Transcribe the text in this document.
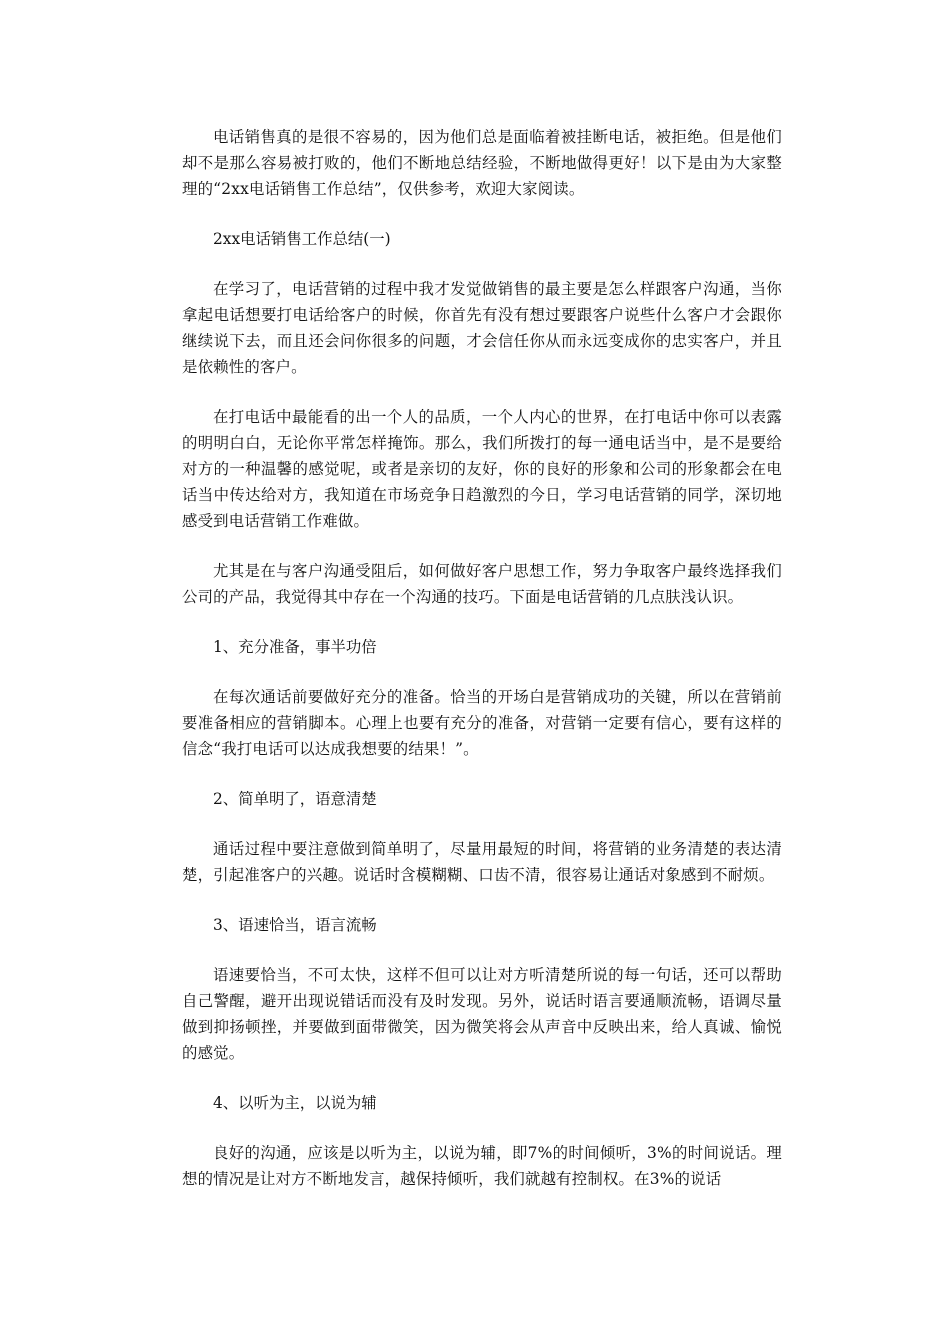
电话销售真的是很不容易的，因为他们总是面临着被挂断电话，被拒绝。但是他们却不是那么容易被打败的，他们不断地总结经验，不断地做得更好！以下是由为大家整理的“2xx电话销售工作总结”，仅供参考，欢迎大家阅读。

2xx电话销售工作总结(一)

在学习了，电话营销的过程中我才发觉做销售的最主要是怎么样跟客户沟通，当你拿起电话想要打电话给客户的时候，你首先有没有想过要跟客户说些什么客户才会跟你继续说下去，而且还会问你很多的问题，才会信任你从而永远变成你的忠实客户，并且是依赖性的客户。

在打电话中最能看的出一个人的品质，一个人内心的世界，在打电话中你可以表露的明明白白，无论你平常怎样掩饰。那么，我们所拨打的每一通电话当中，是不是要给对方的一种温馨的感觉呢，或者是亲切的友好，你的良好的形象和公司的形象都会在电话当中传达给对方，我知道在市场竞争日趋激烈的今日，学习电话营销的同学，深切地感受到电话营销工作难做。

尤其是在与客户沟通受阻后，如何做好客户思想工作，努力争取客户最终选择我们公司的产品，我觉得其中存在一个沟通的技巧。下面是电话营销的几点肤浅认识。

1、充分准备，事半功倍

在每次通话前要做好充分的准备。恰当的开场白是营销成功的关键，所以在营销前要准备相应的营销脚本。心理上也要有充分的准备，对营销一定要有信心，要有这样的信念“我打电话可以达成我想要的结果！”。

2、简单明了，语意清楚

通话过程中要注意做到简单明了，尽量用最短的时间，将营销的业务清楚的表达清楚，引起准客户的兴趣。说话时含模糊糊、口齿不清，很容易让通话对象感到不耐烦。

3、语速恰当，语言流畅

语速要恰当，不可太快，这样不但可以让对方听清楚所说的每一句话，还可以帮助自己警醒，避开出现说错话而没有及时发现。另外，说话时语言要通顺流畅，语调尽量做到抑扬顿挫，并要做到面带微笑，因为微笑将会从声音中反映出来，给人真诚、愉悦的感觉。

4、以听为主，以说为辅

良好的沟通，应该是以听为主，以说为辅，即7%的时间倾听，3%的时间说话。理想的情况是让对方不断地发言，越保持倾听，我们就越有控制权。在3%的说话
